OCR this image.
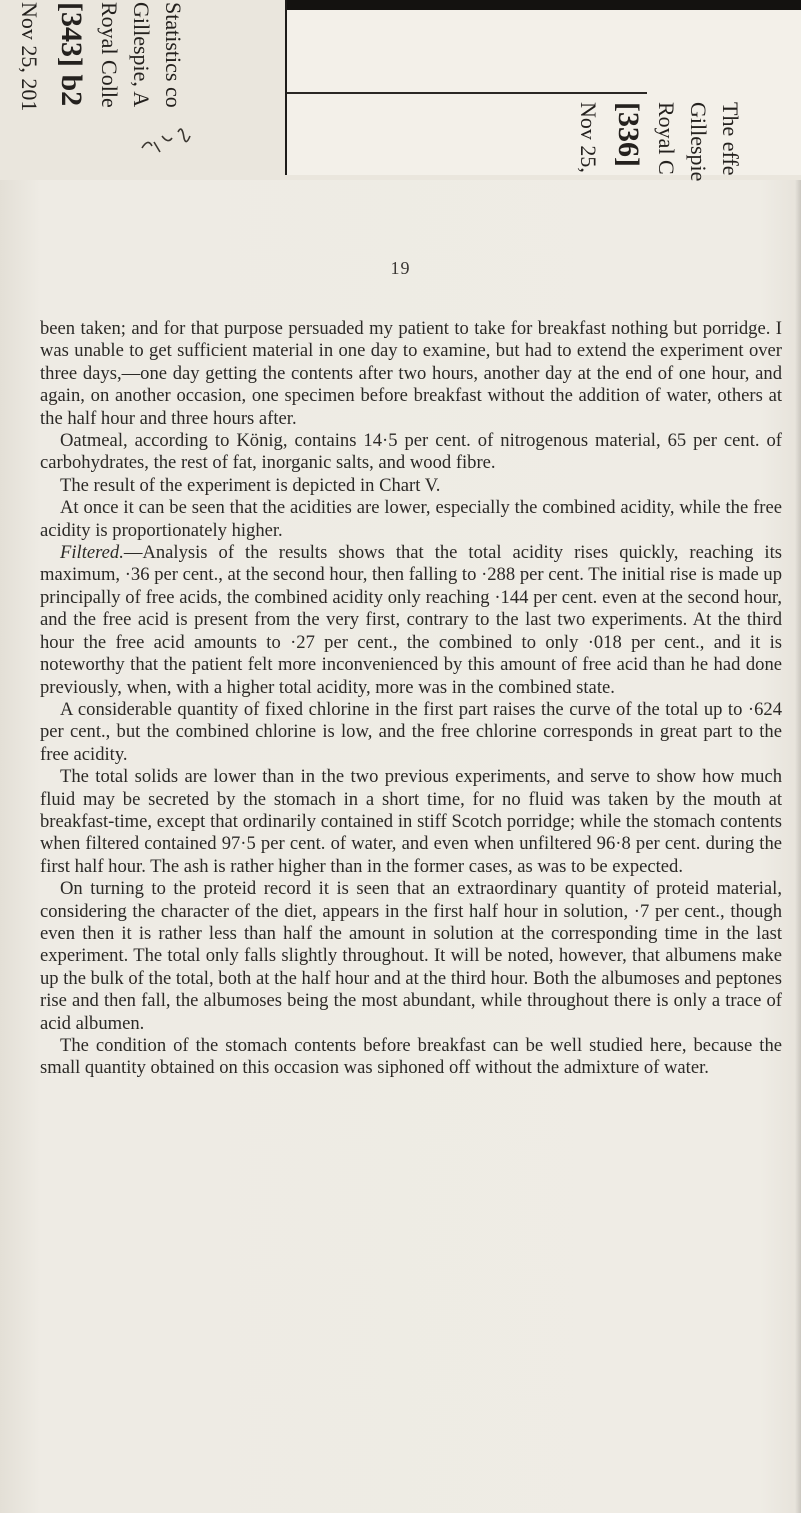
Statistics co
Gillespie, A
Royal Colle
[343] b2
Nov 25, 201
The effe
Gillespie
Royal C
[336]
Nov 25,
19

been taken; and for that purpose persuaded my patient to take for breakfast nothing but porridge. I was unable to get sufficient material in one day to examine, but had to extend the experiment over three days,—one day getting the contents after two hours, another day at the end of one hour, and again, on another occasion, one specimen before breakfast without the addition of water, others at the half hour and three hours after.

Oatmeal, according to König, contains 14·5 per cent. of nitrogenous material, 65 per cent. of carbohydrates, the rest of fat, inorganic salts, and wood fibre.

The result of the experiment is depicted in Chart V.

At once it can be seen that the acidities are lower, especially the combined acidity, while the free acidity is proportionately higher.

Filtered.—Analysis of the results shows that the total acidity rises quickly, reaching its maximum, ·36 per cent., at the second hour, then falling to ·288 per cent. The initial rise is made up principally of free acids, the combined acidity only reaching ·144 per cent. even at the second hour, and the free acid is present from the very first, contrary to the last two experiments. At the third hour the free acid amounts to ·27 per cent., the combined to only ·018 per cent., and it is noteworthy that the patient felt more inconvenienced by this amount of free acid than he had done previously, when, with a higher total acidity, more was in the combined state.

A considerable quantity of fixed chlorine in the first part raises the curve of the total up to ·624 per cent., but the combined chlorine is low, and the free chlorine corresponds in great part to the free acidity.

The total solids are lower than in the two previous experiments, and serve to show how much fluid may be secreted by the stomach in a short time, for no fluid was taken by the mouth at breakfast-time, except that ordinarily contained in stiff Scotch porridge; while the stomach contents when filtered contained 97·5 per cent. of water, and even when unfiltered 96·8 per cent. during the first half hour. The ash is rather higher than in the former cases, as was to be expected.

On turning to the proteid record it is seen that an extraordinary quantity of proteid material, considering the character of the diet, appears in the first half hour in solution, ·7 per cent., though even then it is rather less than half the amount in solution at the corresponding time in the last experiment. The total only falls slightly throughout. It will be noted, however, that albumens make up the bulk of the total, both at the half hour and at the third hour. Both the albumoses and peptones rise and then fall, the albumoses being the most abundant, while throughout there is only a trace of acid albumen.

The condition of the stomach contents before breakfast can be well studied here, because the small quantity obtained on this occasion was siphoned off without the admixture of water.
